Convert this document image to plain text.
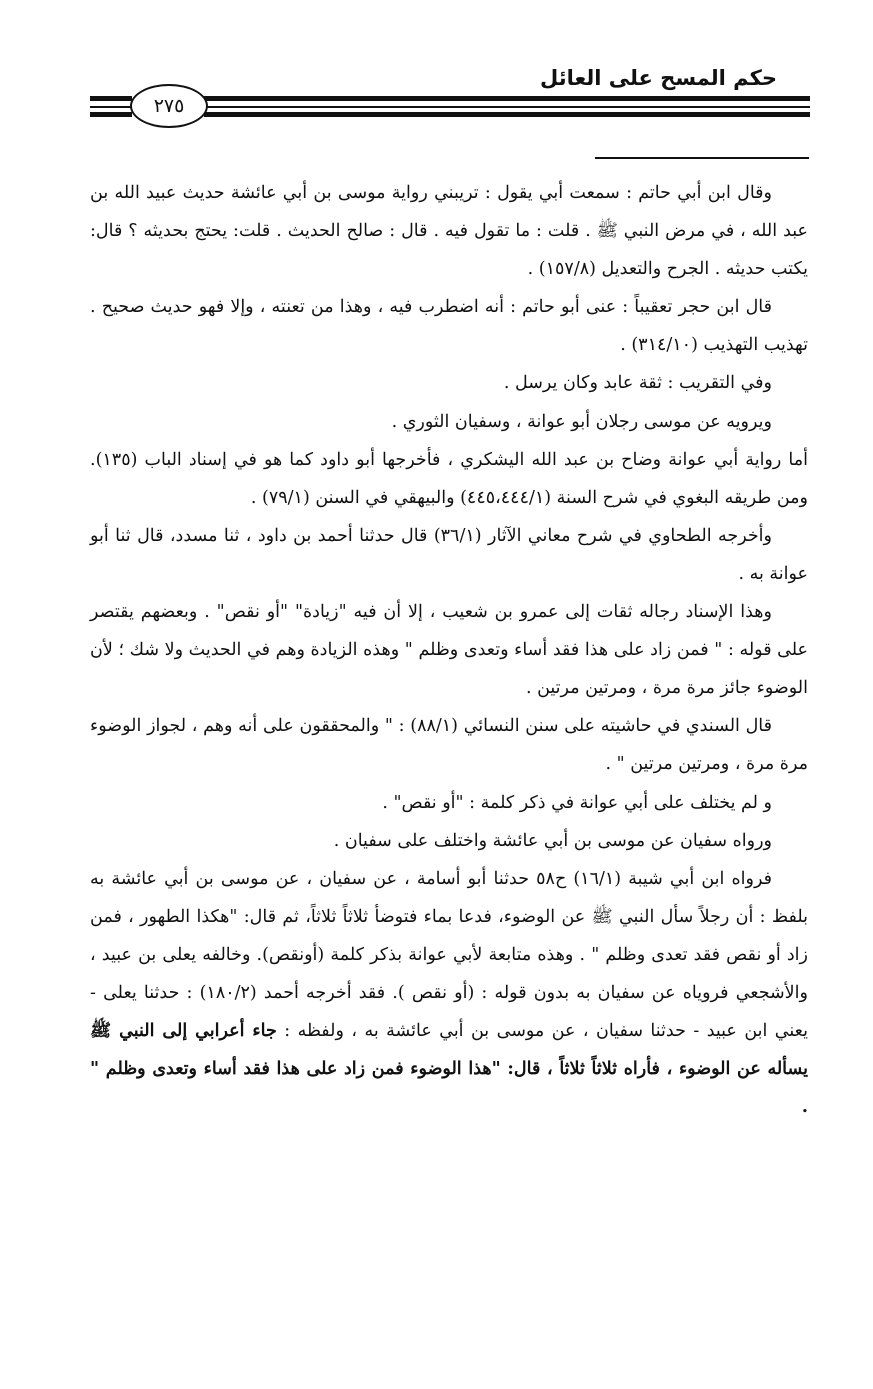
حكم المسح على العائل
٢٧٥

وقال ابن أبي حاتم : سمعت أبي يقول : تريبني رواية موسى بن أبي عائشة حديث عبيد الله بن عبد الله ، في مرض النبي ﷺ . قلت : ما تقول فيه . قال : صالح الحديث . قلت: يحتج بحديثه ؟ قال: يكتب حديثه . الجرح والتعديل (١٥٧/٨) .

قال ابن حجر تعقيباً : عنى أبو حاتم : أنه اضطرب فيه ، وهذا من تعنته ، وإلا فهو حديث صحيح . تهذيب التهذيب (٣١٤/١٠) .

وفي التقريب : ثقة عابد وكان يرسل .

ويرويه عن موسى رجلان أبو عوانة ، وسفيان الثوري .

أما رواية أبي عوانة وضاح بن عبد الله اليشكري ، فأخرجها أبو داود كما هو في إسناد الباب (١٣٥). ومن طريقه البغوي في شرح السنة (٤٤٥،٤٤٤/١) والبيهقي في السنن (٧٩/١) .

وأخرجه الطحاوي في شرح معاني الآثار (٣٦/١) قال حدثنا أحمد بن داود ، ثنا مسدد، قال ثنا أبو عوانة به .

وهذا الإسناد رجاله ثقات إلى عمرو بن شعيب ، إلا أن فيه "زيادة" "أو نقص" . وبعضهم يقتصر على قوله : " فمن زاد على هذا فقد أساء وتعدى وظلم " وهذه الزيادة وهم في الحديث ولا شك ؛ لأن الوضوء جائز مرة مرة ، ومرتين مرتين .

قال السندي في حاشيته على سنن النسائي (٨٨/١) : " والمحققون على أنه وهم ، لجواز الوضوء مرة مرة ، ومرتين مرتين " .

و لم يختلف على أبي عوانة في ذكر كلمة : "أو نقص" .

ورواه سفيان عن موسى بن أبي عائشة واختلف على سفيان .

فرواه ابن أبي شيبة (١٦/١) ح٥٨ حدثنا أبو أسامة ، عن سفيان ، عن موسى بن أبي عائشة به بلفظ : أن رجلاً سأل النبي ﷺ عن الوضوء، فدعا بماء فتوضأ ثلاثاً ثلاثاً، ثم قال: "هكذا الطهور ، فمن زاد أو نقص فقد تعدى وظلم " . وهذه متابعة لأبي عوانة بذكر كلمة (أونقص). وخالفه يعلى بن عبيد ، والأشجعي فروياه عن سفيان به بدون قوله : (أو نقص ). فقد أخرجه أحمد (١٨٠/٢) : حدثنا يعلى - يعني ابن عبيد - حدثنا سفيان ، عن موسى بن أبي عائشة به ، ولفظه : جاء أعرابي إلى النبي ﷺ يسأله عن الوضوء ، فأراه ثلاثاً ثلاثاً ، قال: "هذا الوضوء فمن زاد على هذا فقد أساء وتعدى وظلم " .
